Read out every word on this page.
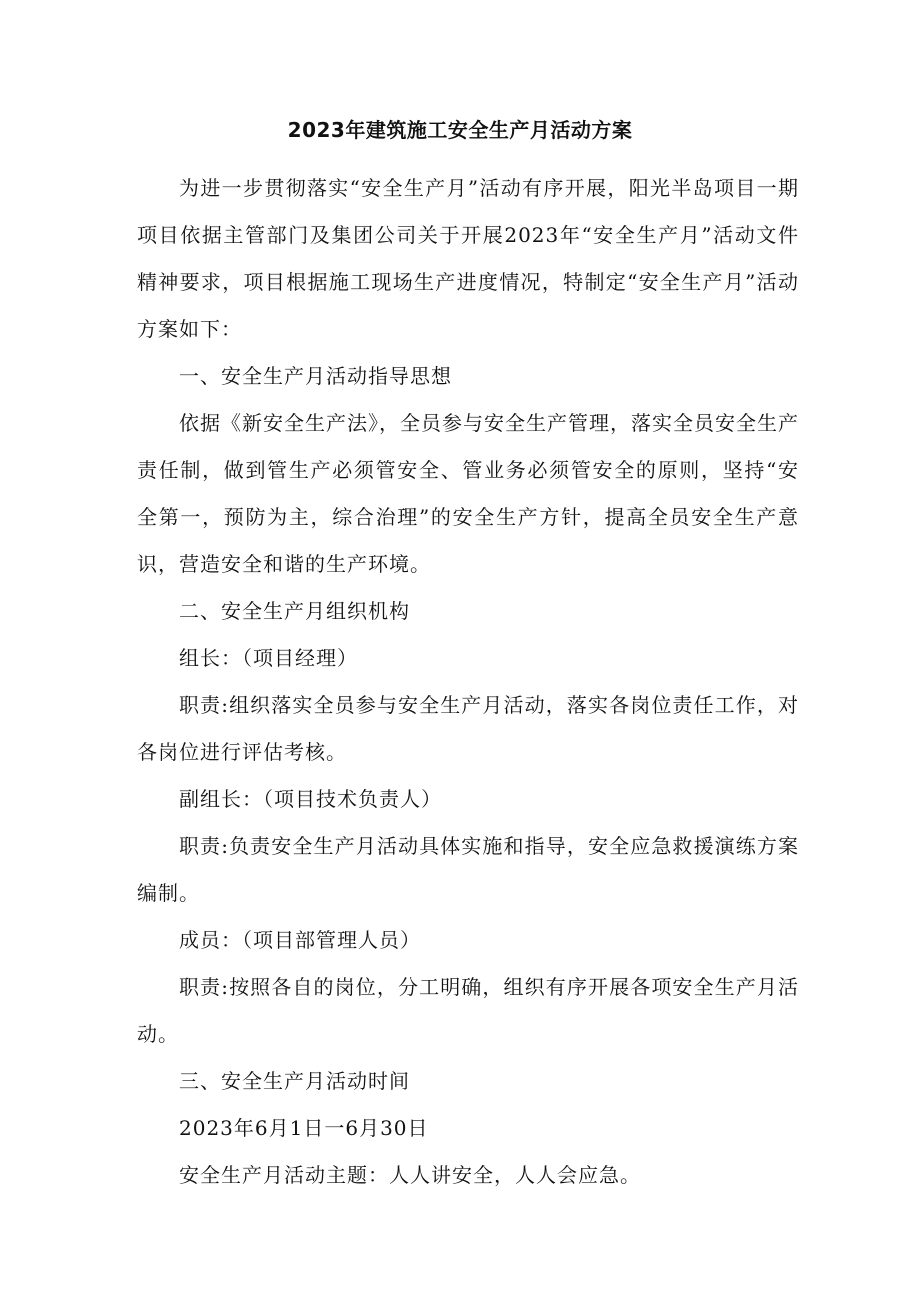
2023年建筑施工安全生产月活动方案

为进一步贯彻落实“安全生产月”活动有序开展，阳光半岛项目一期项目依据主管部门及集团公司关于开展2023年“安全生产月”活动文件精神要求，项目根据施工现场生产进度情况，特制定“安全生产月”活动方案如下：

一、安全生产月活动指导思想

依据《新安全生产法》，全员参与安全生产管理，落实全员安全生产责任制，做到管生产必须管安全、管业务必须管安全的原则，坚持“安全第一，预防为主，综合治理”的安全生产方针，提高全员安全生产意识，营造安全和谐的生产环境。

二、安全生产月组织机构

组长：（项目经理）

职责:组织落实全员参与安全生产月活动，落实各岗位责任工作，对各岗位进行评估考核。

副组长：（项目技术负责人）

职责:负责安全生产月活动具体实施和指导，安全应急救援演练方案编制。

成员：（项目部管理人员）

职责:按照各自的岗位，分工明确，组织有序开展各项安全生产月活动。

三、安全生产月活动时间

2023年6月1日一6月30日

安全生产月活动主题：人人讲安全，人人会应急。
